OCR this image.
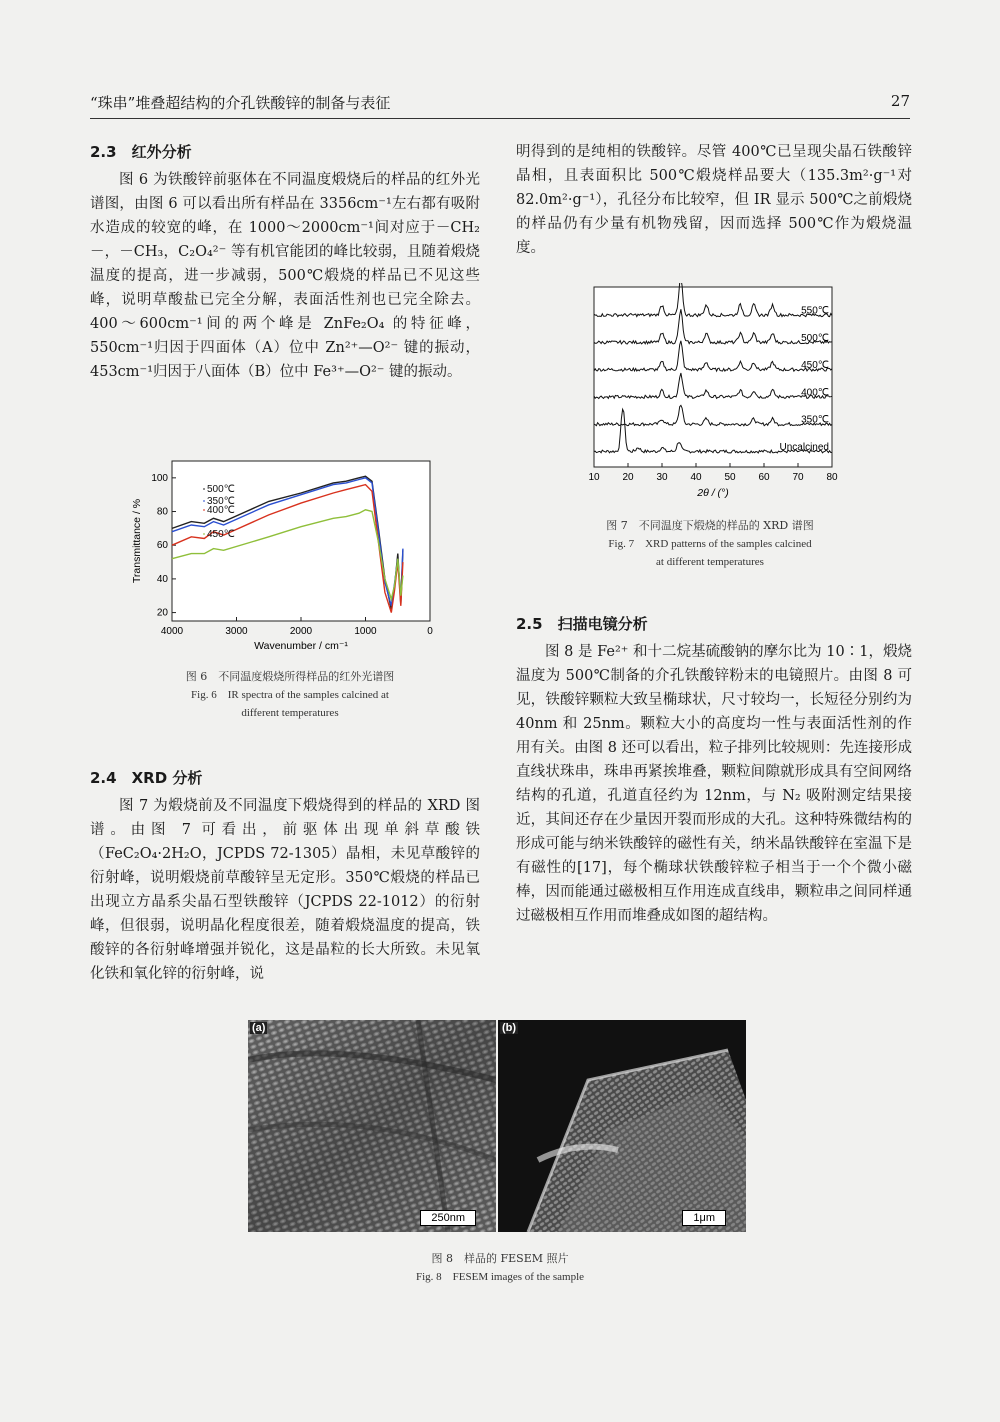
“珠串”堆叠超结构的介孔铁酸锌的制备与表征	27
2.3　红外分析

图 6 为铁酸锌前驱体在不同温度煅烧后的样品的红外光谱图，由图 6 可以看出所有样品在 3356cm⁻¹左右都有吸附水造成的较宽的峰，在 1000～2000cm⁻¹间对应于－CH₂－，－CH₃，C₂O₄²⁻ 等有机官能团的峰比较弱，且随着煅烧温度的提高，进一步减弱，500℃煅烧的样品已不见这些峰，说明草酸盐已完全分解，表面活性剂也已完全除去。400～600cm⁻¹间的两个峰是 ZnFe₂O₄ 的特征峰，550cm⁻¹归因于四面体（A）位中 Zn²⁺—O²⁻ 键的振动，453cm⁻¹归因于八面体（B）位中 Fe³⁺—O²⁻ 键的振动。

4000	3000	2000	1000	0
20
40
60
80
100
Wavenumber / cm⁻¹
Transmittance / %
500℃
350℃
400℃
450℃
图 6　不同温度煅烧所得样品的红外光谱图
Fig. 6　IR spectra of the samples calcined at
different temperatures
2.4　XRD 分析

图 7 为煅烧前及不同温度下煅烧得到的样品的 XRD 图谱。由图 7 可看出，前驱体出现单斜草酸铁（FeC₂O₄·2H₂O，JCPDS 72-1305）晶相，未见草酸锌的衍射峰，说明煅烧前草酸锌呈无定形。350℃煅烧的样品已出现立方晶系尖晶石型铁酸锌（JCPDS 22-1012）的衍射峰，但很弱，说明晶化程度很差，随着煅烧温度的提高，铁酸锌的各衍射峰增强并锐化，这是晶粒的长大所致。未见氧化铁和氧化锌的衍射峰，说

明得到的是纯相的铁酸锌。尽管 400℃已呈现尖晶石铁酸锌晶相，且表面积比 500℃煅烧样品要大（135.3m²·g⁻¹对 82.0m²·g⁻¹），孔径分布比较窄，但 IR 显示 500℃之前煅烧的样品仍有少量有机物残留，因而选择 500℃作为煅烧温度。

10 20 30 40 50 60 70 80
2θ / (°)
Uncalcined
350℃
400℃
450℃
500℃
550℃
图 7　不同温度下煅烧的样品的 XRD 谱图
Fig. 7　XRD patterns of the samples calcined
at different temperatures
2.5　扫描电镜分析

图 8 是 Fe²⁺ 和十二烷基硫酸钠的摩尔比为 10∶1，煅烧温度为 500℃制备的介孔铁酸锌粉末的电镜照片。由图 8 可见，铁酸锌颗粒大致呈椭球状，尺寸较均一，长短径分别约为 40nm 和 25nm。颗粒大小的高度均一性与表面活性剂的作用有关。由图 8 还可以看出，粒子排列比较规则：先连接形成直线状珠串，珠串再紧挨堆叠，颗粒间隙就形成具有空间网络结构的孔道，孔道直径约为 12nm，与 N₂ 吸附测定结果接近，其间还存在少量因开裂而形成的大孔。这种特殊微结构的形成可能与纳米铁酸锌的磁性有关，纳米晶铁酸锌在室温下是有磁性的[17]，每个椭球状铁酸锌粒子相当于一个个微小磁棒，因而能通过磁极相互作用连成直线串，颗粒串之间同样通过磁极相互作用而堆叠成如图的超结构。

(a)
250nm
(b)
1μm
图 8　样品的 FESEM 照片
Fig. 8　FESEM images of the sample
